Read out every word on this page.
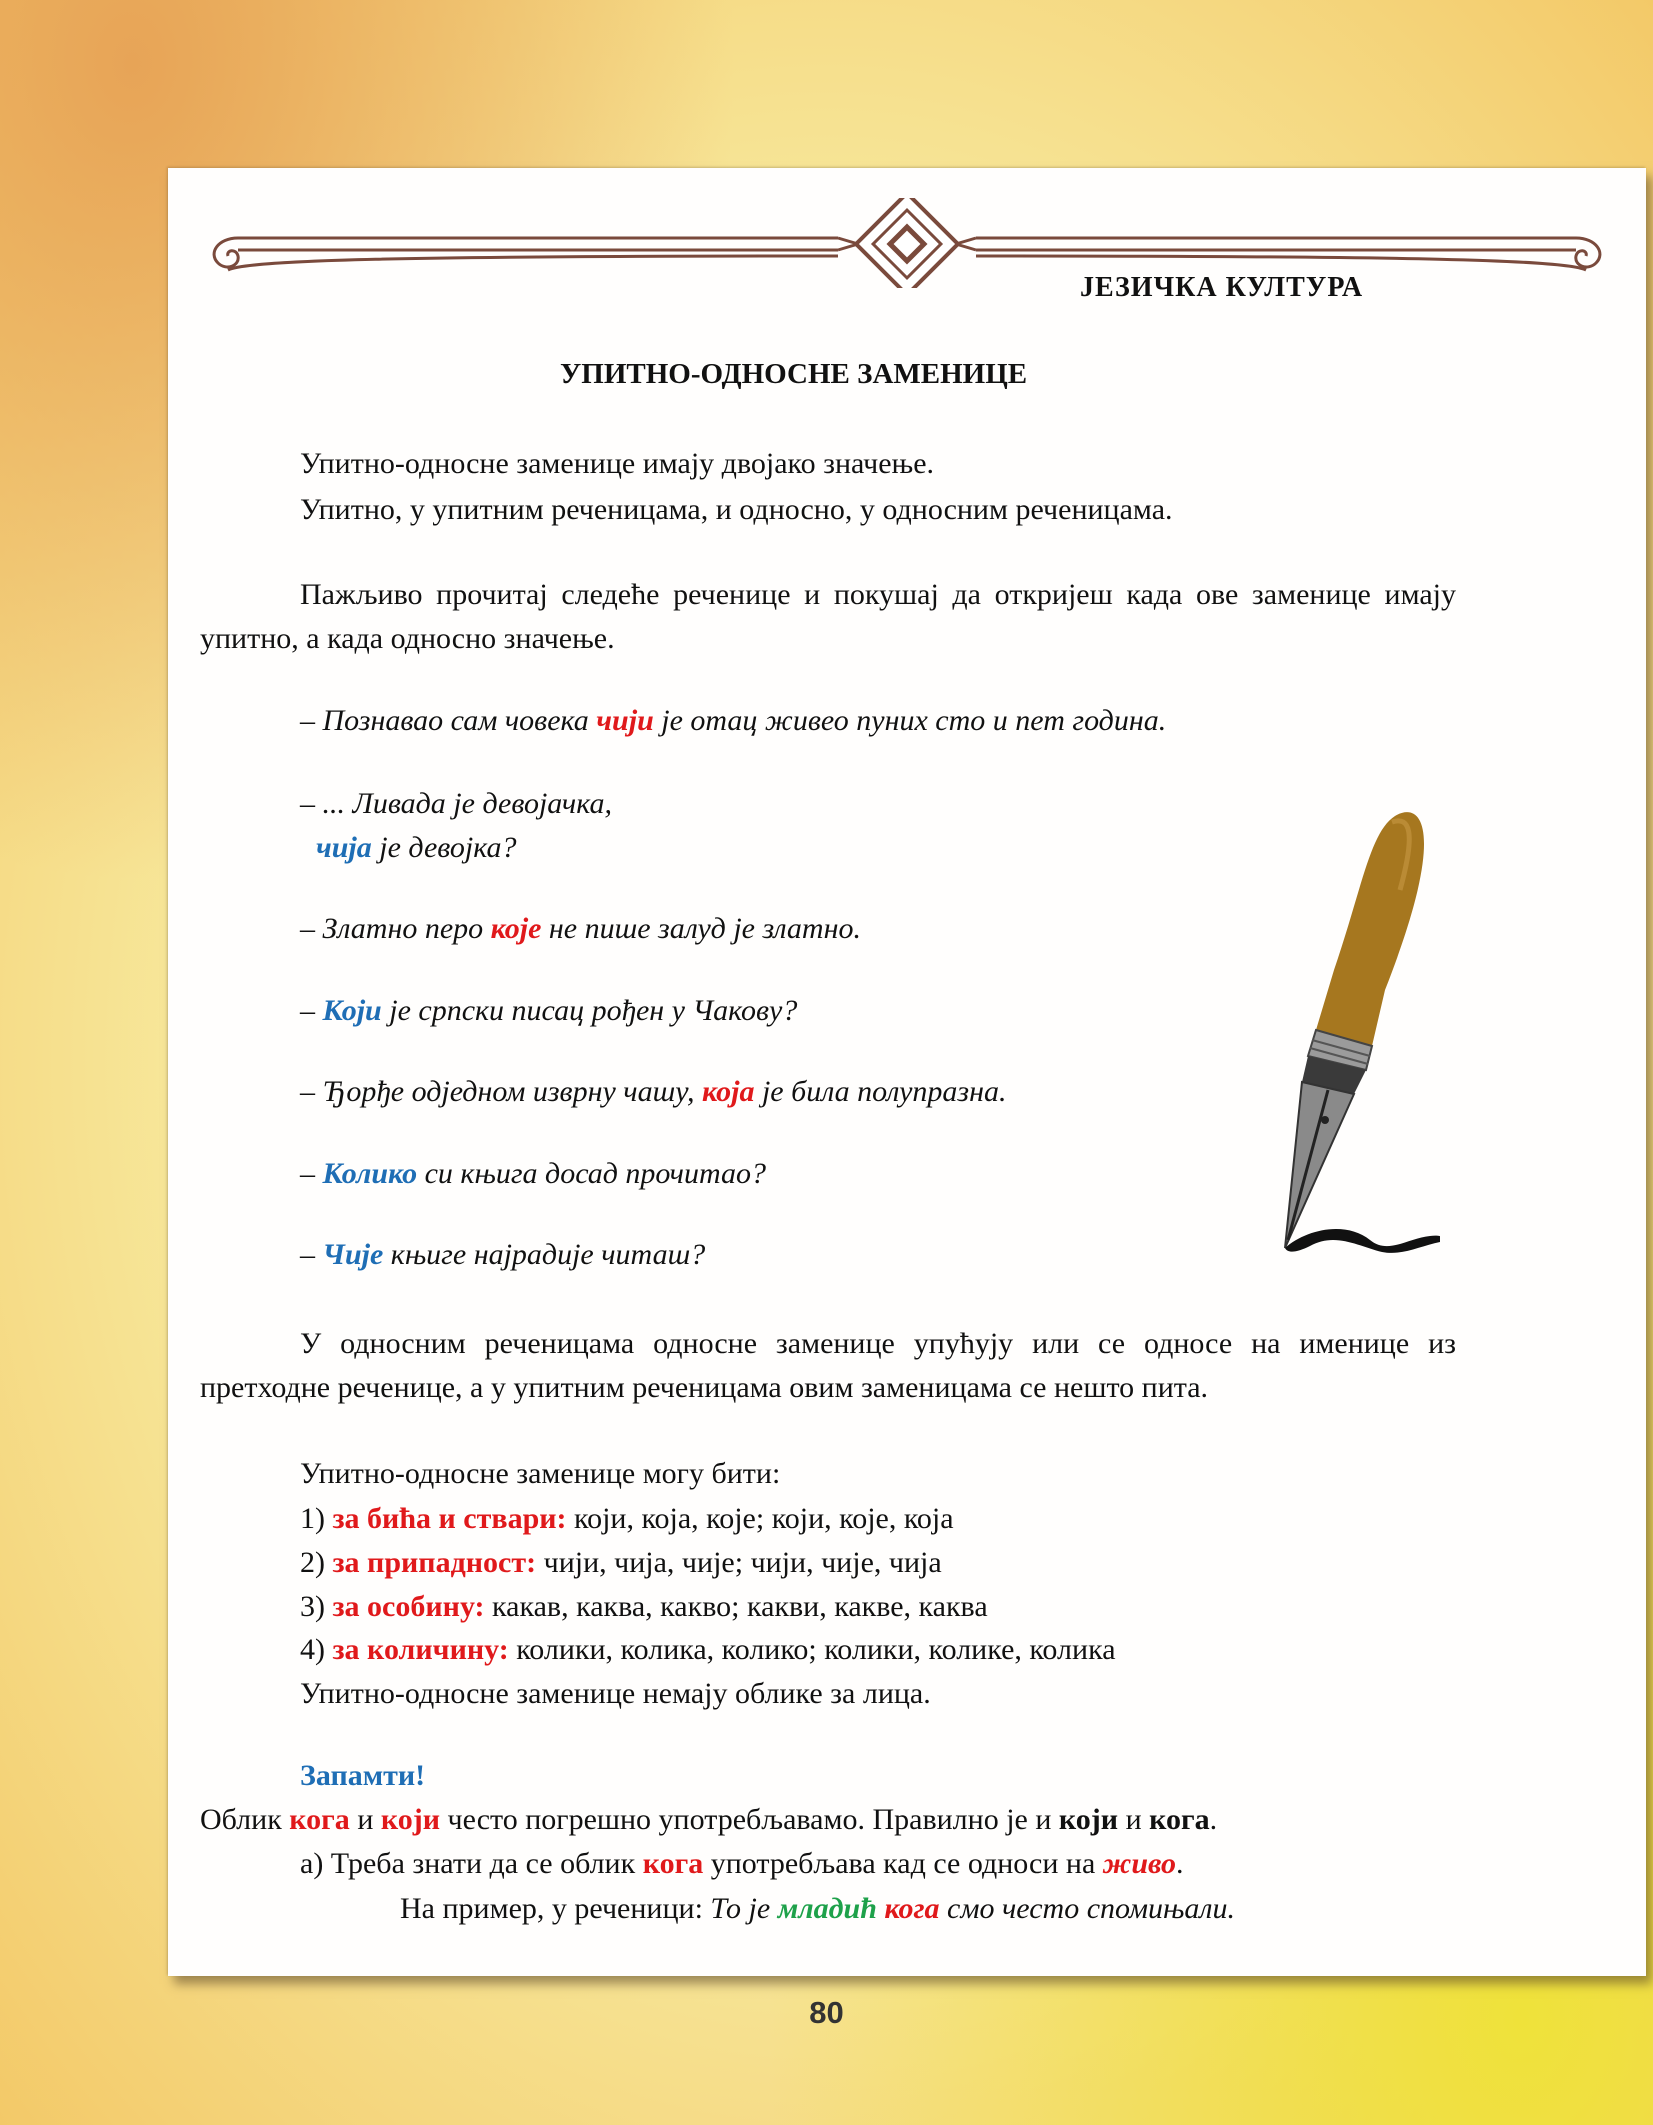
ЈЕЗИЧКА КУЛТУРА
УПИТНО-ОДНОСНЕ ЗАМЕНИЦЕ
Упитно-односне заменице имају двојако значење.
Упитно, у упитним реченицама, и односно, у односним реченицама.
Пажљиво прочитај следеће реченице и покушај да откријеш када ове заменице имају упитно, а када односно значење.
– Познавао сам човека чији је отац живео пуних сто и пет година.
– ... Ливада је девојачка,
чија је девојка?
– Златно перо које не пише залуд је златно.
– Који је српски писац рођен у Чакову?
– Ђорђе одједном изврну чашу, која је била полупразна.
– Колико си књига досад прочитао?
– Чије књиге најрадије читаш?
У односним реченицама односне заменице упућују или се односе на именице из претходне реченице, а у упитним реченицама овим заменицама се нешто пита.
Упитно-односне заменице могу бити:
1) за бића и ствари: који, која, које; који, које, која
2) за припадност: чији, чија, чије; чији, чије, чија
3) за особину: какав, каква, какво; какви, какве, каква
4) за количину: колики, колика, колико; колики, колике, колика
Упитно-односне заменице немају облике за лица.
Запамти!
Облик кога и који често погрешно употребљавамо. Правилно је и који и кога.
а) Треба знати да се облик кога употребљава кад се односи на живо.
На пример, у реченици: То је младић кога смо често спомињали.
80
